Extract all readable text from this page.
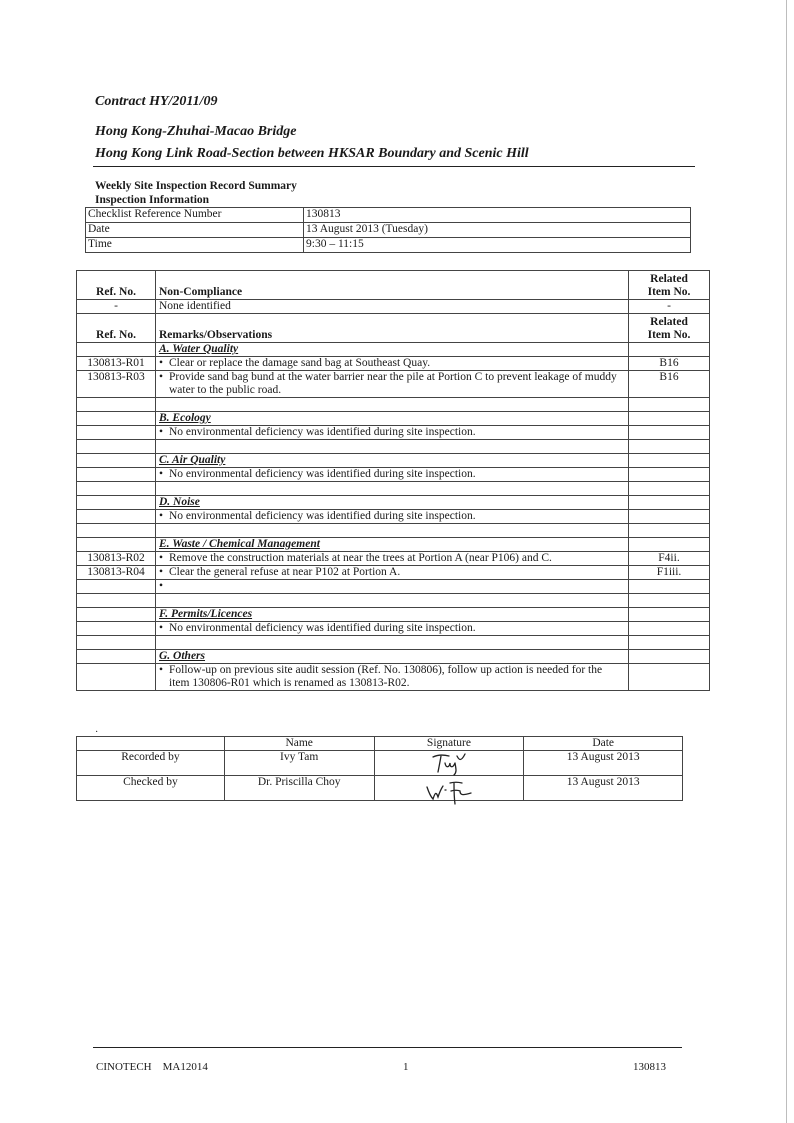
Contract HY/2011/09
Hong Kong-Zhuhai-Macao Bridge
Hong Kong Link Road-Section between HKSAR Boundary and Scenic Hill
Weekly Site Inspection Record Summary
Inspection Information
Checklist Reference Number	130813
Date	13 August 2013 (Tuesday)
Time	9:30 – 11:15
Ref. No.	Non-Compliance	Related
Item No.

-	None identified	-
Ref. No.	Remarks/Observations	Related
Item No.

	A. Water Quality	
130813-R01	• Clear or replace the damage sand bag at Southeast Quay.	B16
130813-R03	• Provide sand bag bund at the water barrier near the pile at Portion C to prevent leakage of muddy water to the public road.	B16

	B. Ecology	
	• No environmental deficiency was identified during site inspection.	

	C. Air Quality	
	• No environmental deficiency was identified during site inspection.	

	D. Noise	
	• No environmental deficiency was identified during site inspection.	

	E. Waste / Chemical Management	
130813-R02	• Remove the construction materials at near the trees at Portion A (near P106) and C.	F4ii.
130813-R04	• Clear the general refuse at near P102 at Portion A.	F1iii.
	•	

	F. Permits/Licences	
	• No environmental deficiency was identified during site inspection.	

	G. Others	
	• Follow-up on previous site audit session (Ref. No. 130806), follow up action is needed for the item 130806-R01 which is renamed as 130813-R02.	
·
	Name	Signature	Date
Recorded by	Ivy Tam		13 August 2013
Checked by	Dr. Priscilla Choy		13 August 2013
CINOTECH    MA12014	1	130813
